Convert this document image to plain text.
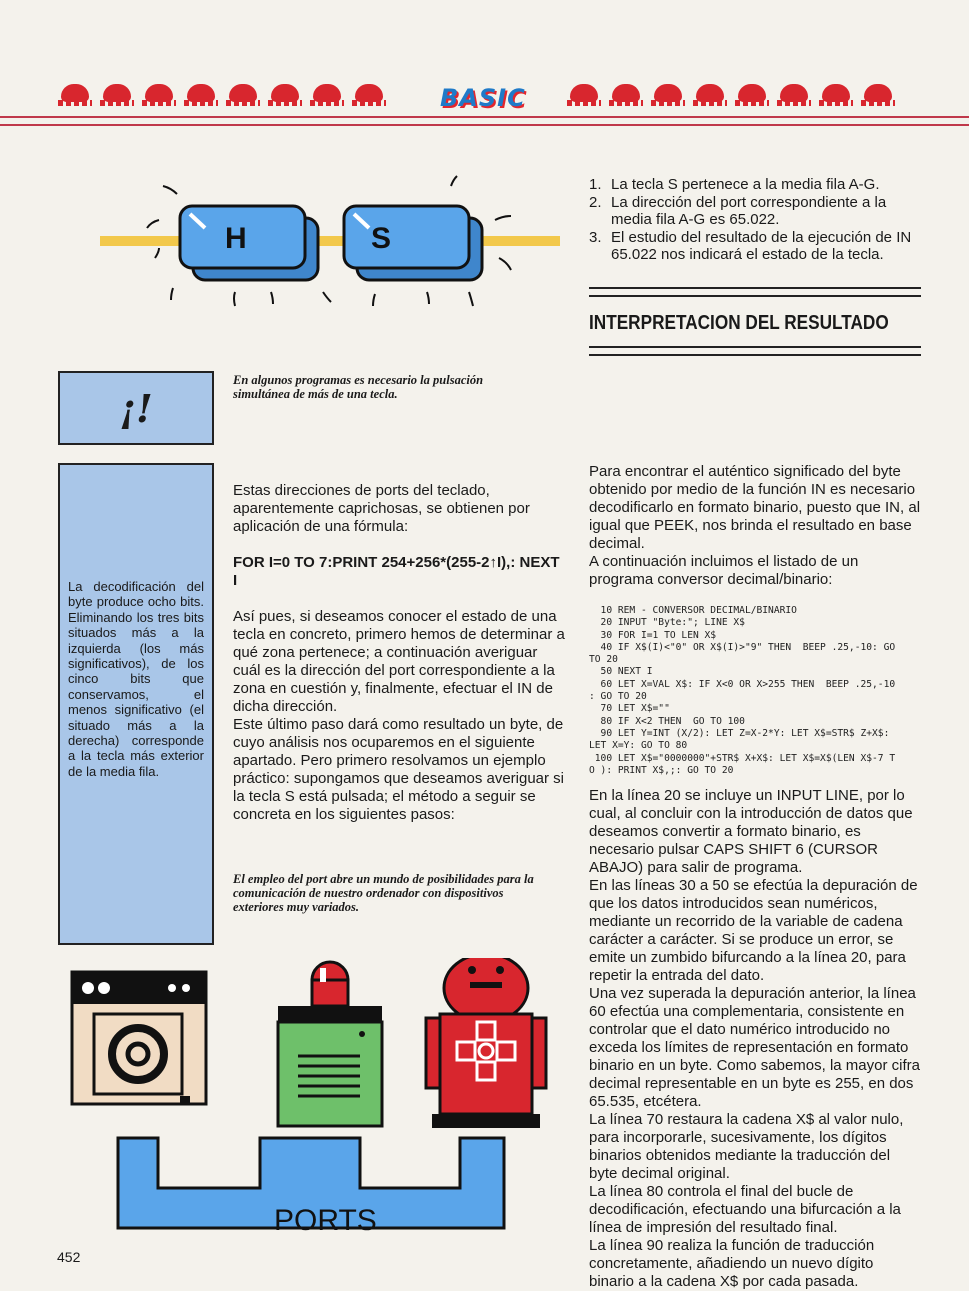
BASIC
H	S
¡!
En algunos programas es necesario la pulsación simultánea de más de una tecla.
La decodificación del byte produce ocho bits. Eliminando los tres bits situados más a la izquierda (los más significativos), de los cinco bits que conservamos, el menos significativo (el situado más a la derecha) corresponde a la tecla más exterior de la media fila.

Estas direcciones de ports del teclado, aparentemente caprichosas, se obtienen por aplicación de una fórmula:

FOR I=0 TO 7:PRINT 254+256*(255-2↑I),: NEXT I

Así pues, si deseamos conocer el estado de una tecla en concreto, primero hemos de determinar a qué zona pertenece; a continuación averiguar cuál es la dirección del port correspondiente a la zona en cuestión y, finalmente, efectuar el IN de dicha dirección.

Este último paso dará como resultado un byte, de cuyo análisis nos ocuparemos en el siguiente apartado. Pero primero resolvamos un ejemplo práctico: supongamos que deseamos averiguar si la tecla S está pulsada; el método a seguir se concreta en los siguientes pasos:

El empleo del port abre un mundo de posibilidades para la comunicación de nuestro ordenador con dispositivos exteriores muy variados.
PORTS
452
1. La tecla S pertenece a la media fila A-G.
2. La dirección del port correspondiente a la media fila A-G es 65.022.
3. El estudio del resultado de la ejecución de IN 65.022 nos indicará el estado de la tecla.
INTERPRETACION DEL RESULTADO

Para encontrar el auténtico significado del byte obtenido por medio de la función IN es necesario decodificarlo en formato binario, puesto que IN, al igual que PEEK, nos brinda el resultado en base decimal.

A continuación incluimos el listado de un programa conversor decimal/binario:

10 REM - CONVERSOR DECIMAL/BINARIO
20 INPUT "Byte:"; LINE X$
30 FOR I=1 TO LEN X$
40 IF X$(I)<"0" OR X$(I)>"9" THEN  BEEP .25,-10: GO
TO 20
50 NEXT I
60 LET X=VAL X$: IF X<0 OR X>255 THEN  BEEP .25,-10
: GO TO 20
70 LET X$=""
80 IF X<2 THEN  GO TO 100
90 LET Y=INT (X/2): LET Z=X-2*Y: LET X$=STR$ Z+X$:
LET X=Y: GO TO 80
100 LET X$="0000000"+STR$ X+X$: LET X$=X$(LEN X$-7 T
O ): PRINT X$,;: GO TO 20

En la línea 20 se incluye un INPUT LINE, por lo cual, al concluir con la introducción de datos que deseamos convertir a formato binario, es necesario pulsar CAPS SHIFT 6 (CURSOR ABAJO) para salir de programa.

En las líneas 30 a 50 se efectúa la depuración de que los datos introducidos sean numéricos, mediante un recorrido de la variable de cadena carácter a carácter. Si se produce un error, se emite un zumbido bifurcando a la línea 20, para repetir la entrada del dato.

Una vez superada la depuración anterior, la línea 60 efectúa una complementaria, consistente en controlar que el dato numérico introducido no exceda los límites de representación en formato binario en un byte. Como sabemos, la mayor cifra decimal representable en un byte es 255, en dos 65.535, etcétera.

La línea 70 restaura la cadena X$ al valor nulo, para incorporarle, sucesivamente, los dígitos binarios obtenidos mediante la traducción del byte decimal original.

La línea 80 controla el final del bucle de decodificación, efectuando una bifurcación a la línea de impresión del resultado final.

La línea 90 realiza la función de traducción concretamente, añadiendo un nuevo dígito binario a la cadena X$ por cada pasada.
